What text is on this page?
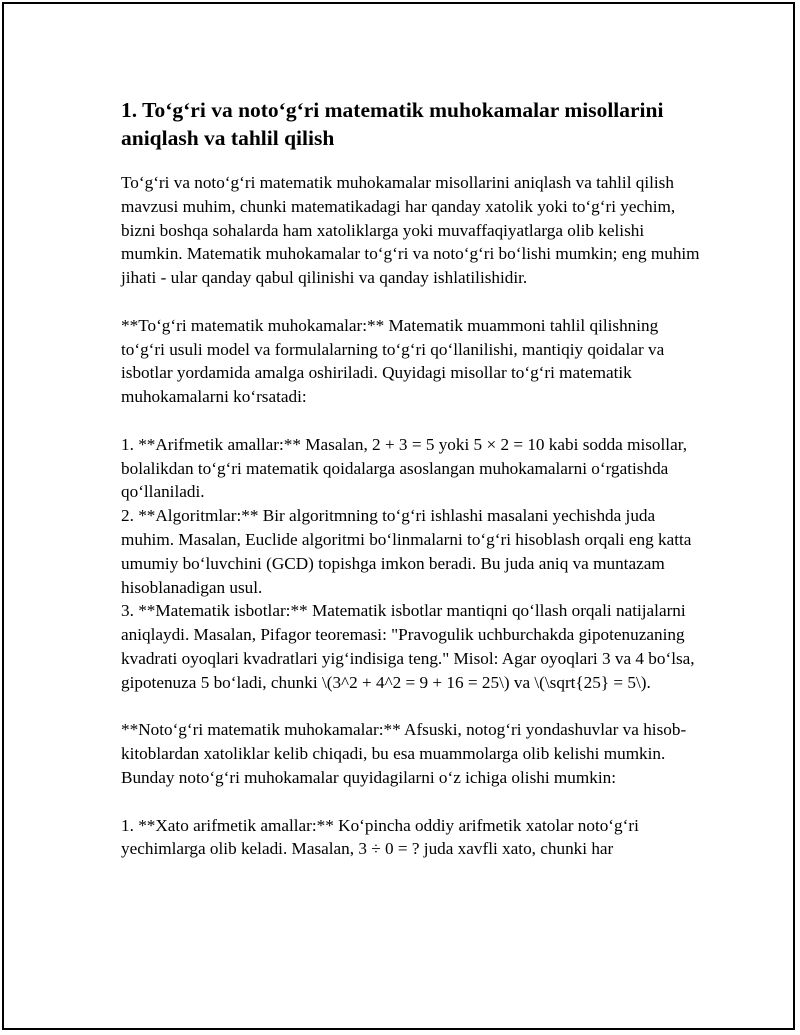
1. To‘g‘ri va noto‘g‘ri matematik muhokamalar misollarini aniqlash va tahlil qilish

To‘g‘ri va noto‘g‘ri matematik muhokamalar misollarini aniqlash va tahlil qilish mavzusi muhim, chunki matematikadagi har qanday xatolik yoki to‘g‘ri yechim, bizni boshqa sohalarda ham xatoliklarga yoki muvaffaqiyatlarga olib kelishi mumkin. Matematik muhokamalar to‘g‘ri va noto‘g‘ri bo‘lishi mumkin; eng muhim jihati - ular qanday qabul qilinishi va qanday ishlatilishidir.

**To‘g‘ri matematik muhokamalar:** Matematik muammoni tahlil qilishning to‘g‘ri usuli model va formulalarning to‘g‘ri qo‘llanilishi, mantiqiy qoidalar va isbotlar yordamida amalga oshiriladi. Quyidagi misollar to‘g‘ri matematik muhokamalarni ko‘rsatadi:

1. **Arifmetik amallar:** Masalan, 2 + 3 = 5 yoki 5 × 2 = 10 kabi sodda misollar, bolalikdan to‘g‘ri matematik qoidalarga asoslangan muhokamalarni o‘rgatishda qo‘llaniladi.

2. **Algoritmlar:** Bir algoritmning to‘g‘ri ishlashi masalani yechishda juda muhim. Masalan, Euclide algoritmi bo‘linmalarni to‘g‘ri hisoblash orqali eng katta umumiy bo‘luvchini (GCD) topishga imkon beradi. Bu juda aniq va muntazam hisoblanadigan usul.

3. **Matematik isbotlar:** Matematik isbotlar mantiqni qo‘llash orqali natijalarni aniqlaydi. Masalan, Pifagor teoremasi: "Pravogulik uchburchakda gipotenuzaning kvadrati oyoqlari kvadratlari yig‘indisiga teng." Misol: Agar oyoqlari 3 va 4 bo‘lsa, gipotenuza 5 bo‘ladi, chunki \(3^2 + 4^2 = 9 + 16 = 25\) va \(\sqrt{25} = 5\).

**Noto‘g‘ri matematik muhokamalar:** Afsuski, notog‘ri yondashuvlar va hisob-kitoblardan xatoliklar kelib chiqadi, bu esa muammolarga olib kelishi mumkin. Bunday noto‘g‘ri muhokamalar quyidagilarni o‘z ichiga olishi mumkin:

1. **Xato arifmetik amallar:** Ko‘pincha oddiy arifmetik xatolar noto‘g‘ri yechimlarga olib keladi. Masalan, 3 ÷ 0 = ? juda xavfli xato, chunki har
